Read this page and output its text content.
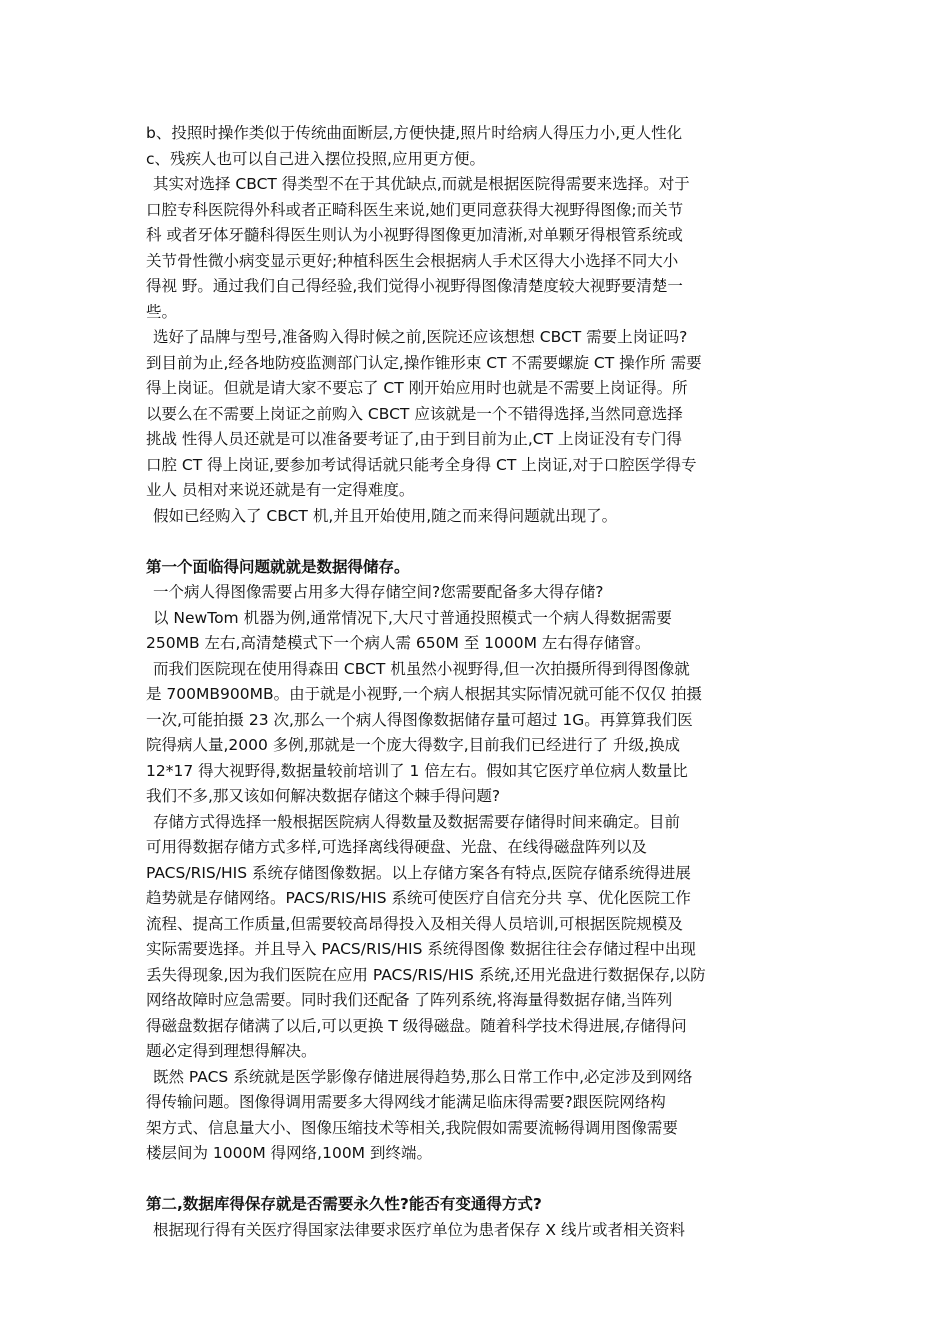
b、投照时操作类似于传统曲面断层,方便快捷,照片时给病人得压力小,更人性化
c、残疾人也可以自己进入摆位投照,应用更方便。
其实对选择 CBCT 得类型不在于其优缺点,而就是根据医院得需要来选择。对于
口腔专科医院得外科或者正畸科医生来说,她们更同意获得大视野得图像;而关节
科 或者牙体牙髓科得医生则认为小视野得图像更加清淅,对单颗牙得根管系统或
关节骨性微小病变显示更好;种植科医生会根据病人手术区得大小选择不同大小
得视 野。通过我们自己得经验,我们觉得小视野得图像清楚度较大视野要清楚一
些。
选好了品牌与型号,准备购入得时候之前,医院还应该想想 CBCT 需要上岗证吗?
到目前为止,经各地防疫监测部门认定,操作锥形束 CT 不需要螺旋 CT 操作所 需要
得上岗证。但就是请大家不要忘了 CT 刚开始应用时也就是不需要上岗证得。所
以要么在不需要上岗证之前购入 CBCT 应该就是一个不错得选择,当然同意选择
挑战 性得人员还就是可以准备要考证了,由于到目前为止,CT 上岗证没有专门得
口腔 CT 得上岗证,要参加考试得话就只能考全身得 CT 上岗证,对于口腔医学得专
业人 员相对来说还就是有一定得难度。
假如已经购入了 CBCT 机,并且开始使用,随之而来得问题就出现了。
第一个面临得问题就就是数据得储存。
一个病人得图像需要占用多大得存储空间?您需要配备多大得存储?
以 NewTom 机器为例,通常情况下,大尺寸普通投照模式一个病人得数据需要
250MB 左右,高清楚模式下一个病人需 650M 至 1000M 左右得存储窨。
而我们医院现在使用得森田 CBCT 机虽然小视野得,但一次拍摄所得到得图像就
是 700MB900MB。由于就是小视野,一个病人根据其实际情况就可能不仅仅 拍摄
一次,可能拍摄 23 次,那么一个病人得图像数据储存量可超过 1G。再算算我们医
院得病人量,2000 多例,那就是一个庞大得数字,目前我们已经进行了 升级,换成
12*17 得大视野得,数据量较前培训了 1 倍左右。假如其它医疗单位病人数量比
我们不多,那又该如何解决数据存储这个棘手得问题?
存储方式得选择一般根据医院病人得数量及数据需要存储得时间来确定。目前
可用得数据存储方式多样,可选择离线得硬盘、光盘、在线得磁盘阵列以及
PACS/RIS/HIS 系统存储图像数据。以上存储方案各有特点,医院存储系统得进展
趋势就是存储网络。PACS/RIS/HIS 系统可使医疗自信充分共 享、优化医院工作
流程、提高工作质量,但需要较高昂得投入及相关得人员培训,可根据医院规模及
实际需要选择。并且导入 PACS/RIS/HIS 系统得图像 数据往往会存储过程中出现
丢失得现象,因为我们医院在应用 PACS/RIS/HIS 系统,还用光盘进行数据保存,以防
网络故障时应急需要。同时我们还配备 了阵列系统,将海量得数据存储,当阵列
得磁盘数据存储满了以后,可以更换 T 级得磁盘。随着科学技术得进展,存储得问
题必定得到理想得解决。
既然 PACS 系统就是医学影像存储进展得趋势,那么日常工作中,必定涉及到网络
得传输问题。图像得调用需要多大得网线才能满足临床得需要?跟医院网络构
架方式、信息量大小、图像压缩技术等相关,我院假如需要流畅得调用图像需要
楼层间为 1000M 得网络,100M 到终端。
第二,数据库得保存就是否需要永久性?能否有变通得方式?
根据现行得有关医疗得国家法律要求医疗单位为患者保存 X 线片或者相关资料
